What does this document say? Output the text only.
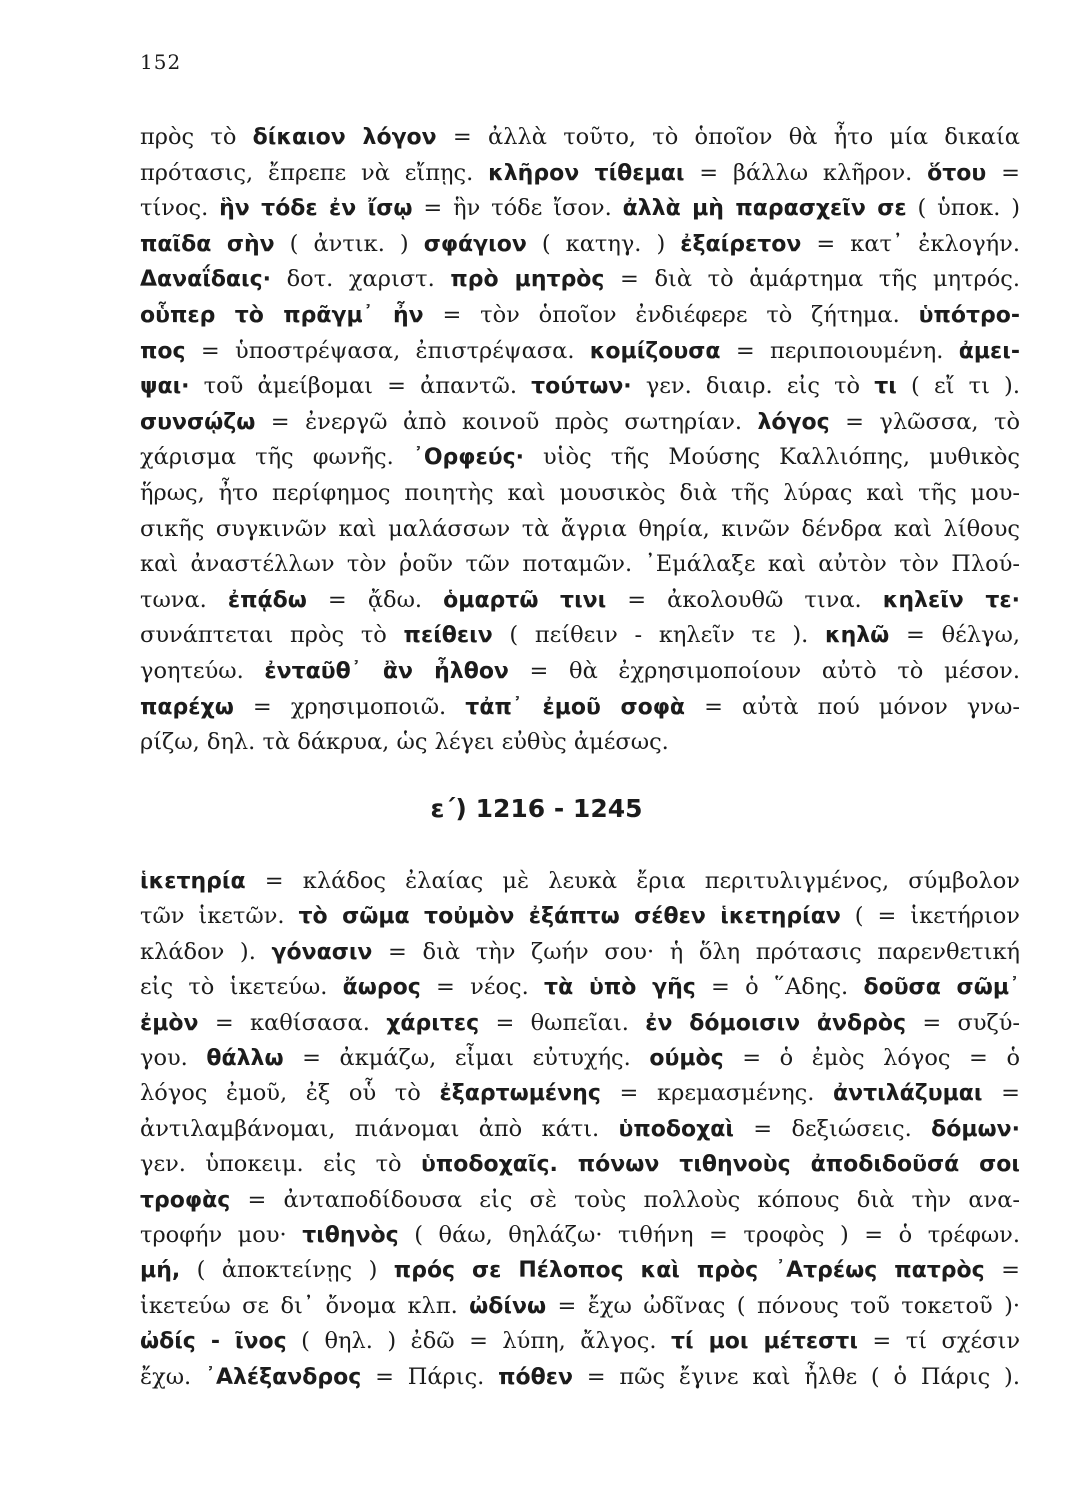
152
πρὸς τὸ δίκαιον λόγον = ἀλλὰ τοῦτο, τὸ ὁποῖον θὰ ἦτο μία δικαία
πρότασις, ἔπρεπε νὰ εἴπῃς. κλῆρον τίθεμαι = βάλλω κλῆρον. ὅτου =
τίνος. ἣν τόδε ἐν ἴσῳ = ἣν τόδε ἴσον. ἀλλὰ μὴ παρασχεῖν σε ( ὑποκ. )
παῖδα σὴν ( ἀντικ. ) σφάγιον ( κατηγ. ) ἐξαίρετον = κατ᾽ ἐκλογήν.
Δαναΐδαις· δοτ. χαριστ. πρὸ μητρὸς = διὰ τὸ ἁμάρτημα τῆς μητρός.
οὗπερ τὸ πρᾶγμ᾽ ἦν = τὸν ὁποῖον ἐνδιέφερε τὸ ζήτημα. ὑπότρο-
πος = ὑποστρέψασα, ἐπιστρέψασα. κομίζουσα = περιποιουμένη. ἀμει-
ψαι· τοῦ ἀμείβομαι = ἀπαντῶ. τούτων· γεν. διαιρ. εἰς τὸ τι ( εἴ τι ).
συνσῴζω = ἐνεργῶ ἀπὸ κοινοῦ πρὸς σωτηρίαν. λόγος = γλῶσσα, τὸ
χάρισμα τῆς φωνῆς. ᾿Ορφεύς· υἱὸς τῆς Μούσης Καλλιόπης, μυθικὸς
ἥρως, ἦτο περίφημος ποιητὴς καὶ μουσικὸς διὰ τῆς λύρας καὶ τῆς μου-
σικῆς συγκινῶν καὶ μαλάσσων τὰ ἄγρια θηρία, κινῶν δένδρα καὶ λίθους
καὶ ἀναστέλλων τὸν ῥοῦν τῶν ποταμῶν. ᾿Εμάλαξε καὶ αὐτὸν τὸν Πλού-
τωνα. ἐπᾴδω = ᾄδω. ὁμαρτῶ τινι = ἀκολουθῶ τινα. κηλεῖν τε·
συνάπτεται πρὸς τὸ πείθειν ( πείθειν - κηλεῖν τε ). κηλῶ = θέλγω,
γοητεύω. ἐνταῦθ᾽ ἂν ἦλθον = θὰ ἐχρησιμοποίουν αὐτὸ τὸ μέσον.
παρέχω = χρησιμοποιῶ. τἀπ᾽ ἐμοῦ σοφὰ = αὐτὰ πού μόνον γνω-
ρίζω, δηλ. τὰ δάκρυα, ὡς λέγει εὐθὺς ἀμέσως.
ε΄) 1216 - 1245
ἱκετηρία = κλάδος ἐλαίας μὲ λευκὰ ἔρια περιτυλιγμένος, σύμβολον
τῶν ἱκετῶν. τὸ σῶμα τοὐμὸν ἐξάπτω σέθεν ἱκετηρίαν ( = ἱκετήριον
κλάδον ). γόνασιν = διὰ τὴν ζωήν σου· ἡ ὅλη πρότασις παρενθετική
εἰς τὸ ἱκετεύω. ἄωρος = νέος. τὰ ὑπὸ γῆς = ὁ ῞Αδης. δοῦσα σῶμ᾽
ἐμὸν = καθίσασα. χάριτες = θωπεῖαι. ἐν δόμοισιν ἀνδρὸς = συζύ-
γου. θάλλω = ἀκμάζω, εἶμαι εὐτυχής. ούμὸς = ὁ ἐμὸς λόγος = ὁ
λόγος ἐμοῦ, ἐξ οὗ τὸ ἐξαρτωμένης = κρεμασμένης. ἀντιλάζυμαι =
ἀντιλαμβάνομαι, πιάνομαι ἀπὸ κάτι. ὑποδοχαὶ = δεξιώσεις. δόμων·
γεν. ὑποκειμ. εἰς τὸ ὑποδοχαῖς. πόνων τιθηνοὺς ἀποδιδοῦσά σοι
τροφὰς = ἀνταποδίδουσα εἰς σὲ τοὺς πολλοὺς κόπους διὰ τὴν ανα-
τροφήν μου· τιθηνὸς ( θάω, θηλάζω· τιθήνη = τροφὸς ) = ὁ τρέφων.
μή, ( ἀποκτείνῃς ) πρός σε Πέλοπος καὶ πρὸς ᾿Ατρέως πατρὸς =
ἱκετεύω σε δι᾽ ὄνομα κλπ. ὠδίνω = ἔχω ὠδῖνας ( πόνους τοῦ τοκετοῦ )·
ὠδίς - ῖνος ( θηλ. ) ἐδῶ = λύπη, ἄλγος. τί μοι μέτεστι = τί σχέσιν
ἔχω. ᾿Αλέξανδρος = Πάρις. πόθεν = πῶς ἔγινε καὶ ἦλθε ( ὁ Πάρις ).
